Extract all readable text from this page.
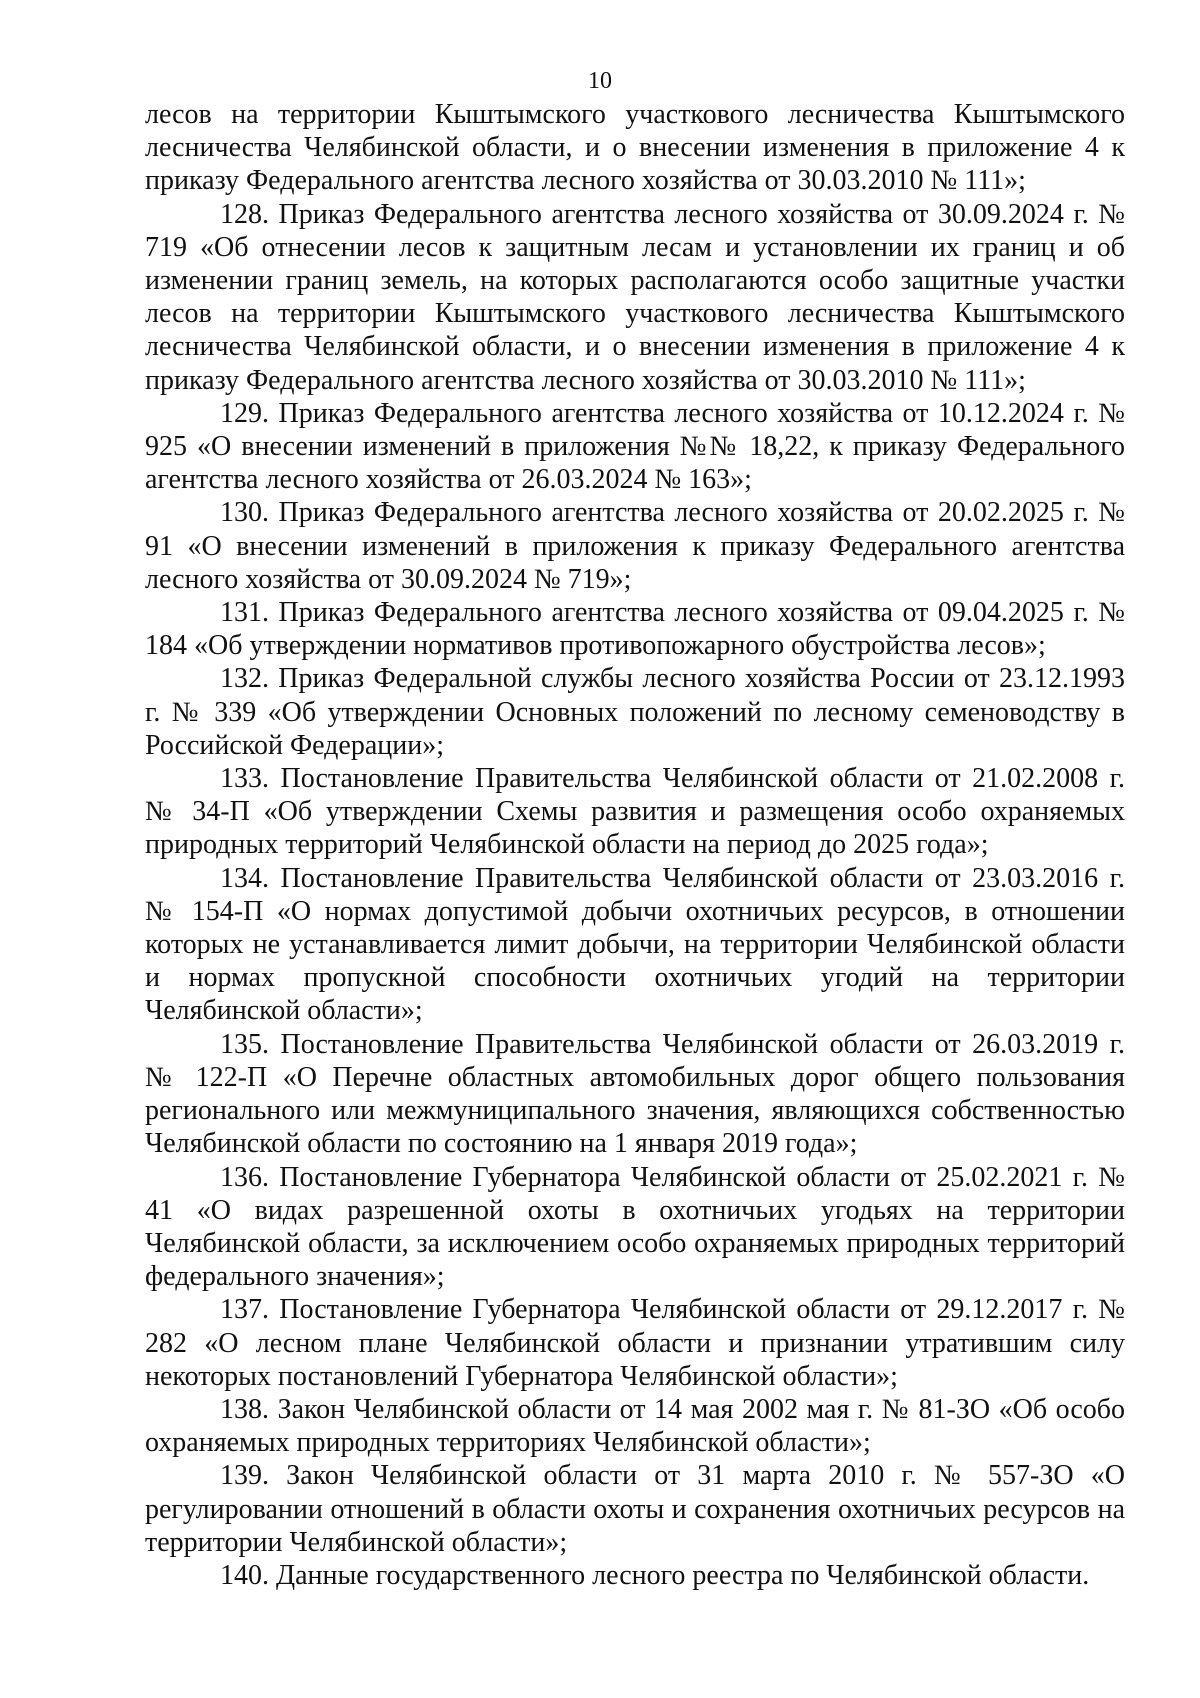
10

лесов на территории Кыштымского участкового лесничества Кыштымского лесничества Челябинской области, и о внесении изменения в приложение 4 к приказу Федерального агентства лесного хозяйства от 30.03.2010 № 111»;

128. Приказ Федерального агентства лесного хозяйства от 30.09.2024 г. № 719 «Об отнесении лесов к защитным лесам и установлении их границ и об изменении границ земель, на которых располагаются особо защитные участки лесов на территории Кыштымского участкового лесничества Кыштымского лесничества Челябинской области, и о внесении изменения в приложение 4 к приказу Федерального агентства лесного хозяйства от 30.03.2010 № 111»;

129. Приказ Федерального агентства лесного хозяйства от 10.12.2024 г. № 925 «О внесении изменений в приложения №№ 18,22, к приказу Федерального агентства лесного хозяйства от 26.03.2024 № 163»;

130. Приказ Федерального агентства лесного хозяйства от 20.02.2025 г. № 91 «О внесении изменений в приложения к приказу Федерального агентства лесного хозяйства от 30.09.2024 № 719»;

131. Приказ Федерального агентства лесного хозяйства от 09.04.2025 г. № 184 «Об утверждении нормативов противопожарного обустройства лесов»;

132. Приказ Федеральной службы лесного хозяйства России от 23.12.1993 г. № 339 «Об утверждении Основных положений по лесному семеноводству в Российской Федерации»;

133. Постановление Правительства Челябинской области от 21.02.2008 г. № 34-П «Об утверждении Схемы развития и размещения особо охраняемых природных территорий Челябинской области на период до 2025 года»;

134. Постановление Правительства Челябинской области от 23.03.2016 г. № 154-П «О нормах допустимой добычи охотничьих ресурсов, в отношении которых не устанавливается лимит добычи, на территории Челябинской области и нормах пропускной способности охотничьих угодий на территории Челябинской области»;

135. Постановление Правительства Челябинской области от 26.03.2019 г. № 122-П «О Перечне областных автомобильных дорог общего пользования регионального или межмуниципального значения, являющихся собственностью Челябинской области по состоянию на 1 января 2019 года»;

136. Постановление Губернатора Челябинской области от 25.02.2021 г. № 41 «О видах разрешенной охоты в охотничьих угодьях на территории Челябинской области, за исключением особо охраняемых природных территорий федерального значения»;

137. Постановление Губернатора Челябинской области от 29.12.2017 г. № 282 «О лесном плане Челябинской области и признании утратившим силу некоторых постановлений Губернатора Челябинской области»;

138. Закон Челябинской области от 14 мая 2002 мая г. № 81-ЗО «Об особо охраняемых природных территориях Челябинской области»;

139. Закон Челябинской области от 31 марта 2010 г. № 557-ЗО «О регулировании отношений в области охоты и сохранения охотничьих ресурсов на территории Челябинской области»;

140. Данные государственного лесного реестра по Челябинской области.
